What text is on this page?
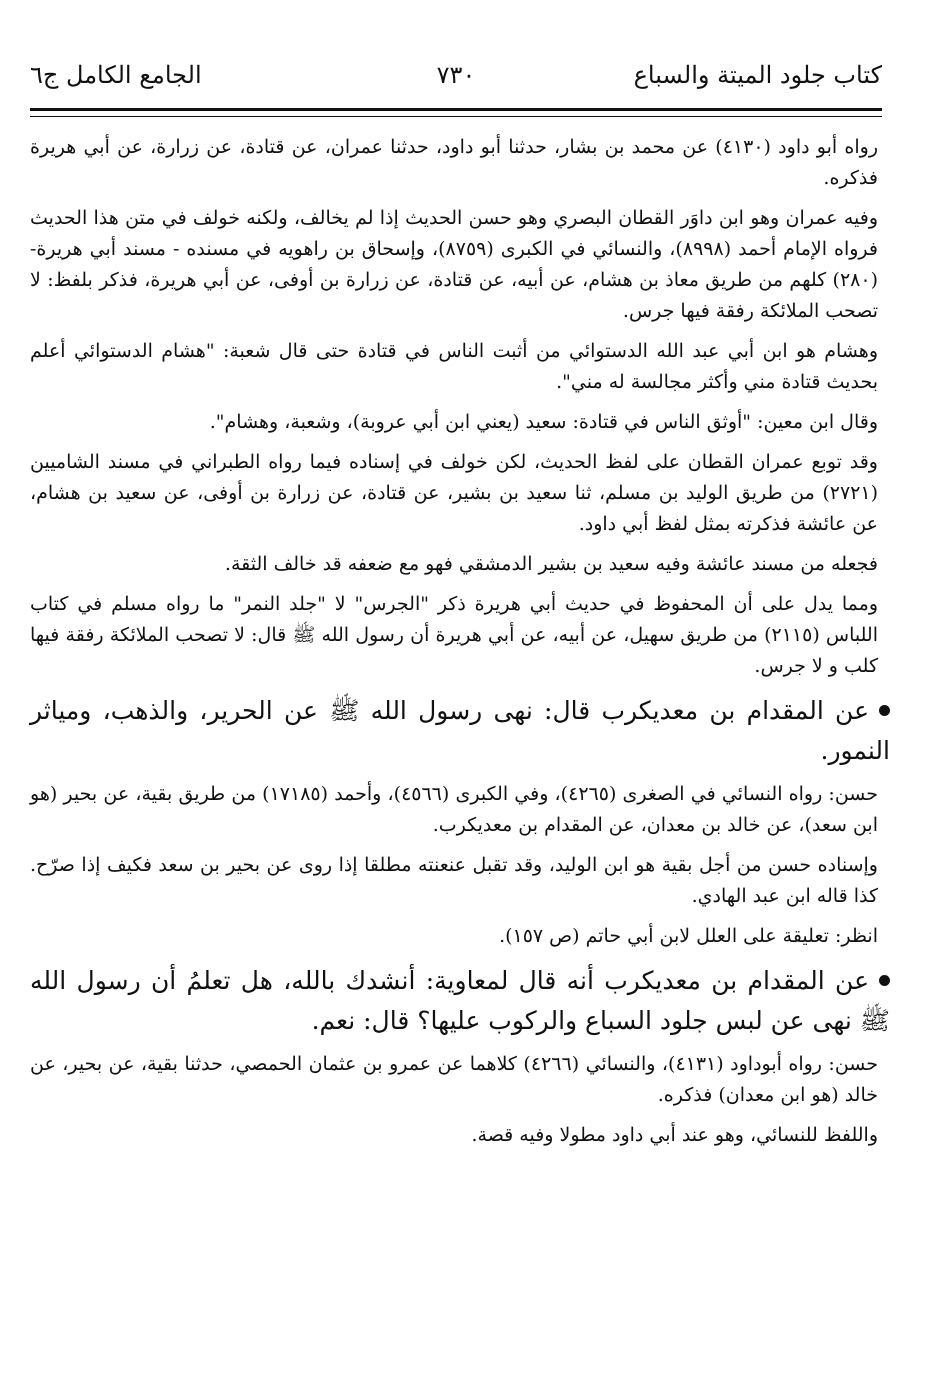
كتاب جلود الميتة والسباع
٧٣٠
الجامع الكامل ج٦

رواه أبو داود (٤١٣٠) عن محمد بن بشار، حدثنا أبو داود، حدثنا عمران، عن قتادة، عن زرارة، عن أبي هريرة فذكره.

وفيه عمران وهو ابن داوَر القطان البصري وهو حسن الحديث إذا لم يخالف، ولكنه خولف في متن هذا الحديث فرواه الإمام أحمد (٨٩٩٨)، والنسائي في الكبرى (٨٧٥٩)، وإسحاق بن راهويه في مسنده - مسند أبي هريرة- (٢٨٠) كلهم من طريق معاذ بن هشام، عن أبيه، عن قتادة، عن زرارة بن أوفى، عن أبي هريرة، فذكر بلفظ: لا تصحب الملائكة رفقة فيها جرس.

وهشام هو ابن أبي عبد الله الدستوائي من أثبت الناس في قتادة حتى قال شعبة: "هشام الدستوائي أعلم بحديث قتادة مني وأكثر مجالسة له مني".

وقال ابن معين: "أوثق الناس في قتادة: سعيد (يعني ابن أبي عروبة)، وشعبة، وهشام".

وقد توبع عمران القطان على لفظ الحديث، لكن خولف في إسناده فيما رواه الطبراني في مسند الشاميين (٢٧٢١) من طريق الوليد بن مسلم، ثنا سعيد بن بشير، عن قتادة، عن زرارة بن أوفى، عن سعيد بن هشام، عن عائشة فذكرته بمثل لفظ أبي داود.

فجعله من مسند عائشة وفيه سعيد بن بشير الدمشقي فهو مع ضعفه قد خالف الثقة.

ومما يدل على أن المحفوظ في حديث أبي هريرة ذكر "الجرس" لا "جلد النمر" ما رواه مسلم في كتاب اللباس (٢١١٥) من طريق سهيل، عن أبيه، عن أبي هريرة أن رسول الله ﷺ قال: لا تصحب الملائكة رفقة فيها كلب و لا جرس.

عن المقدام بن معديكرب قال: نهى رسول الله ﷺ عن الحرير، والذهب، ومياثر النمور.

حسن: رواه النسائي في الصغرى (٤٢٦٥)، وفي الكبرى (٤٥٦٦)، وأحمد (١٧١٨٥) من طريق بقية، عن بحير (هو ابن سعد)، عن خالد بن معدان، عن المقدام بن معديكرب.

وإسناده حسن من أجل بقية هو ابن الوليد، وقد تقبل عنعنته مطلقا إذا روى عن بحير بن سعد فكيف إذا صرّح. كذا قاله ابن عبد الهادي.

انظر: تعليقة على العلل لابن أبي حاتم (ص ١٥٧).

عن المقدام بن معديكرب أنه قال لمعاوية: أنشدك بالله، هل تعلمُ أن رسول الله ﷺ نهى عن لبس جلود السباع والركوب عليها؟ قال: نعم.

حسن: رواه أبوداود (٤١٣١)، والنسائي (٤٢٦٦) كلاهما عن عمرو بن عثمان الحمصي، حدثنا بقية، عن بحير، عن خالد (هو ابن معدان) فذكره.

واللفظ للنسائي، وهو عند أبي داود مطولا وفيه قصة.
